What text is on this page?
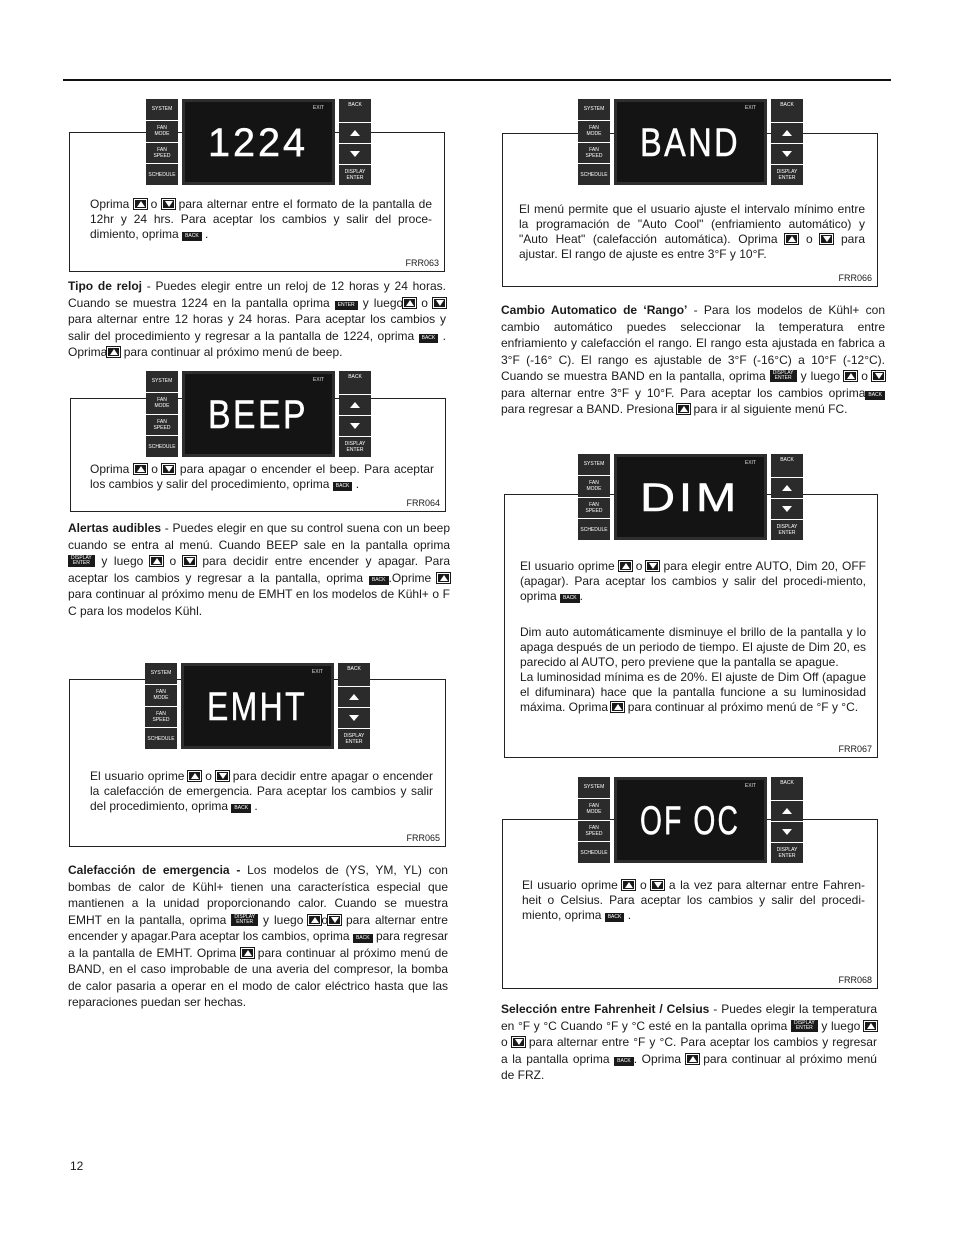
Oprima o para alternar entre el formato de la pantalla de 12hr y 24 hrs. Para aceptar los cambios y salir del proce-dimiento, oprima BACK .
FRR063
SYSTEM
FAN
MODE
FAN
SPEED
SCHEDULE
EXIT
1224
BACK
DISPLAY
ENTER
Tipo de reloj - Puedes elegir entre un reloj de 12 horas y 24 horas. Cuando se muestra 1224 en la pantalla oprima ENTER y luego o  para alternar entre 12 horas y 24 horas. Para aceptar los cambios y salir del procedimiento y regresar a la pantalla de 1224, oprima BACK . Oprima para continuar al próximo menú de beep.
Oprima o para apagar o encender el beep. Para aceptar los cambios y salir del procedimiento, oprima BACK .
FRR064
SYSTEM
FAN
MODE
FAN
SPEED
SCHEDULE
EXIT
BEEP
BACK
DISPLAY
ENTER
Alertas audibles - Puedes elegir en que su control suena con un beep cuando se entra al menú. Cuando BEEP sale en la pantalla oprima DISPLAY
ENTER y luego o para decidir entre encender y apagar. Para aceptar los cambios y regresar a la pantalla, oprima BACK .Oprime  para continuar al próximo menu de EMHT en los modelos de Kühl+ o F C para los modelos Kühl.
El usuario oprime o para decidir entre apagar o encender la calefacción de emergencia. Para aceptar los cambios y salir del procedimiento, oprima BACK .
FRR065
SYSTEM
FAN
MODE
FAN
SPEED
SCHEDULE
EXIT
EMHT
BACK
DISPLAY
ENTER
Calefacción de emergencia - Los modelos de (YS, YM, YL) con bombas de calor de Kühl+ tienen una característica especial que mantienen a la unidad proporcionando calor. Cuando se muestra EMHT en la pantalla, oprima DISPLAY
ENTER y luego o para alternar entre encender y apagar.Para aceptar los cambios, oprima BACK para regresar a la pantalla de EMHT. Oprima para continuar al próximo menú de BAND, en el caso improbable de una averia del compresor, la bomba de calor pasaria a operar en el modo de calor eléctrico hasta que las reparaciones puedan ser hechas.
El menú permite que el usuario ajuste el intervalo mínimo entre la programación de "Auto Cool" (enfriamiento automático) y "Auto Heat" (calefacción automática). Oprima o para ajustar. El rango de ajuste es entre 3°F y 10°F.
FRR066
SYSTEM
FAN
MODE
FAN
SPEED
SCHEDULE
EXIT
BAND
BACK
DISPLAY
ENTER
Cambio Automatico de ‘Rango’ - Para los modelos de Kühl+ con cambio automático puedes seleccionar la temperatura entre enfriamiento y calefacción el rango. El rango esta ajustada en fabrica a 3°F (-16° C). El rango es ajustable de 3°F (-16°C) a 10°F (-12°C). Cuando se muestra BAND en la pantalla, oprima DISPLAY
ENTER y luego o  para alternar entre 3°F y 10°F. Para aceptar los cambios oprima BACK para regresar a BAND. Presiona para ir al siguiente menú FC.
El usuario oprime o para elegir entre AUTO, Dim 20, OFF (apagar). Para aceptar los cambios y salir del procedi-miento, oprima BACK .
Dim auto automáticamente disminuye el brillo de la pantalla y lo apaga después de un periodo de tiempo. El ajuste de Dim 20, es parecido al AUTO, pero previene que la pantalla se apague.
La luminosidad mínima es de 20%. El ajuste de Dim Off (apague el difuminara) hace que la pantalla funcione a su luminosidad máxima. Oprima para continuar al próximo menú de °F y °C.
FRR067
SYSTEM
FAN
MODE
FAN
SPEED
SCHEDULE
EXIT
DIM
BACK
DISPLAY
ENTER
El usuario oprime o a la vez para alternar entre Fahren-heit o Celsius. Para aceptar los cambios y salir del procedi-miento, oprima BACK .
FRR068
SYSTEM
FAN
MODE
FAN
SPEED
SCHEDULE
EXIT
OF OC
BACK
DISPLAY
ENTER
Selección entre Fahrenheit / Celsius - Puedes elegir la temperatura en °F y °C Cuando °F y °C esté en la pantalla oprima DISPLAY
ENTER y luego  o para alternar entre °F y °C. Para aceptar los cambios y regresar a la pantalla oprima BACK . Oprima para continuar al próximo menú de FRZ.
12
